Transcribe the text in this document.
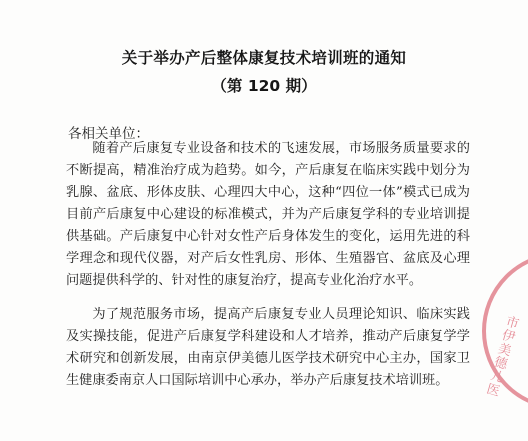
关于举办产后整体康复技术培训班的通知
（第 120 期）
各相关单位：

随着产后康复专业设备和技术的飞速发展，市场服务质量要求的不断提高，精准治疗成为趋势。如今，产后康复在临床实践中划分为乳腺、盆底、形体皮肤、心理四大中心，这种“四位一体”模式已成为目前产后康复中心建设的标准模式，并为产后康复学科的专业培训提供基础。产后康复中心针对女性产后身体发生的变化，运用先进的科学理念和现代仪器，对产后女性乳房、形体、生殖器官、盆底及心理问题提供科学的、针对性的康复治疗，提高专业化治疗水平。

为了规范服务市场，提高产后康复专业人员理论知识、临床实践及实操技能，促进产后康复学科建设和人才培养，推动产后康复学学术研究和创新发展，由南京伊美德儿医学技术研究中心主办，国家卫生健康委南京人口国际培训中心承办，举办产后康复技术培训班。

市伊美德儿医
